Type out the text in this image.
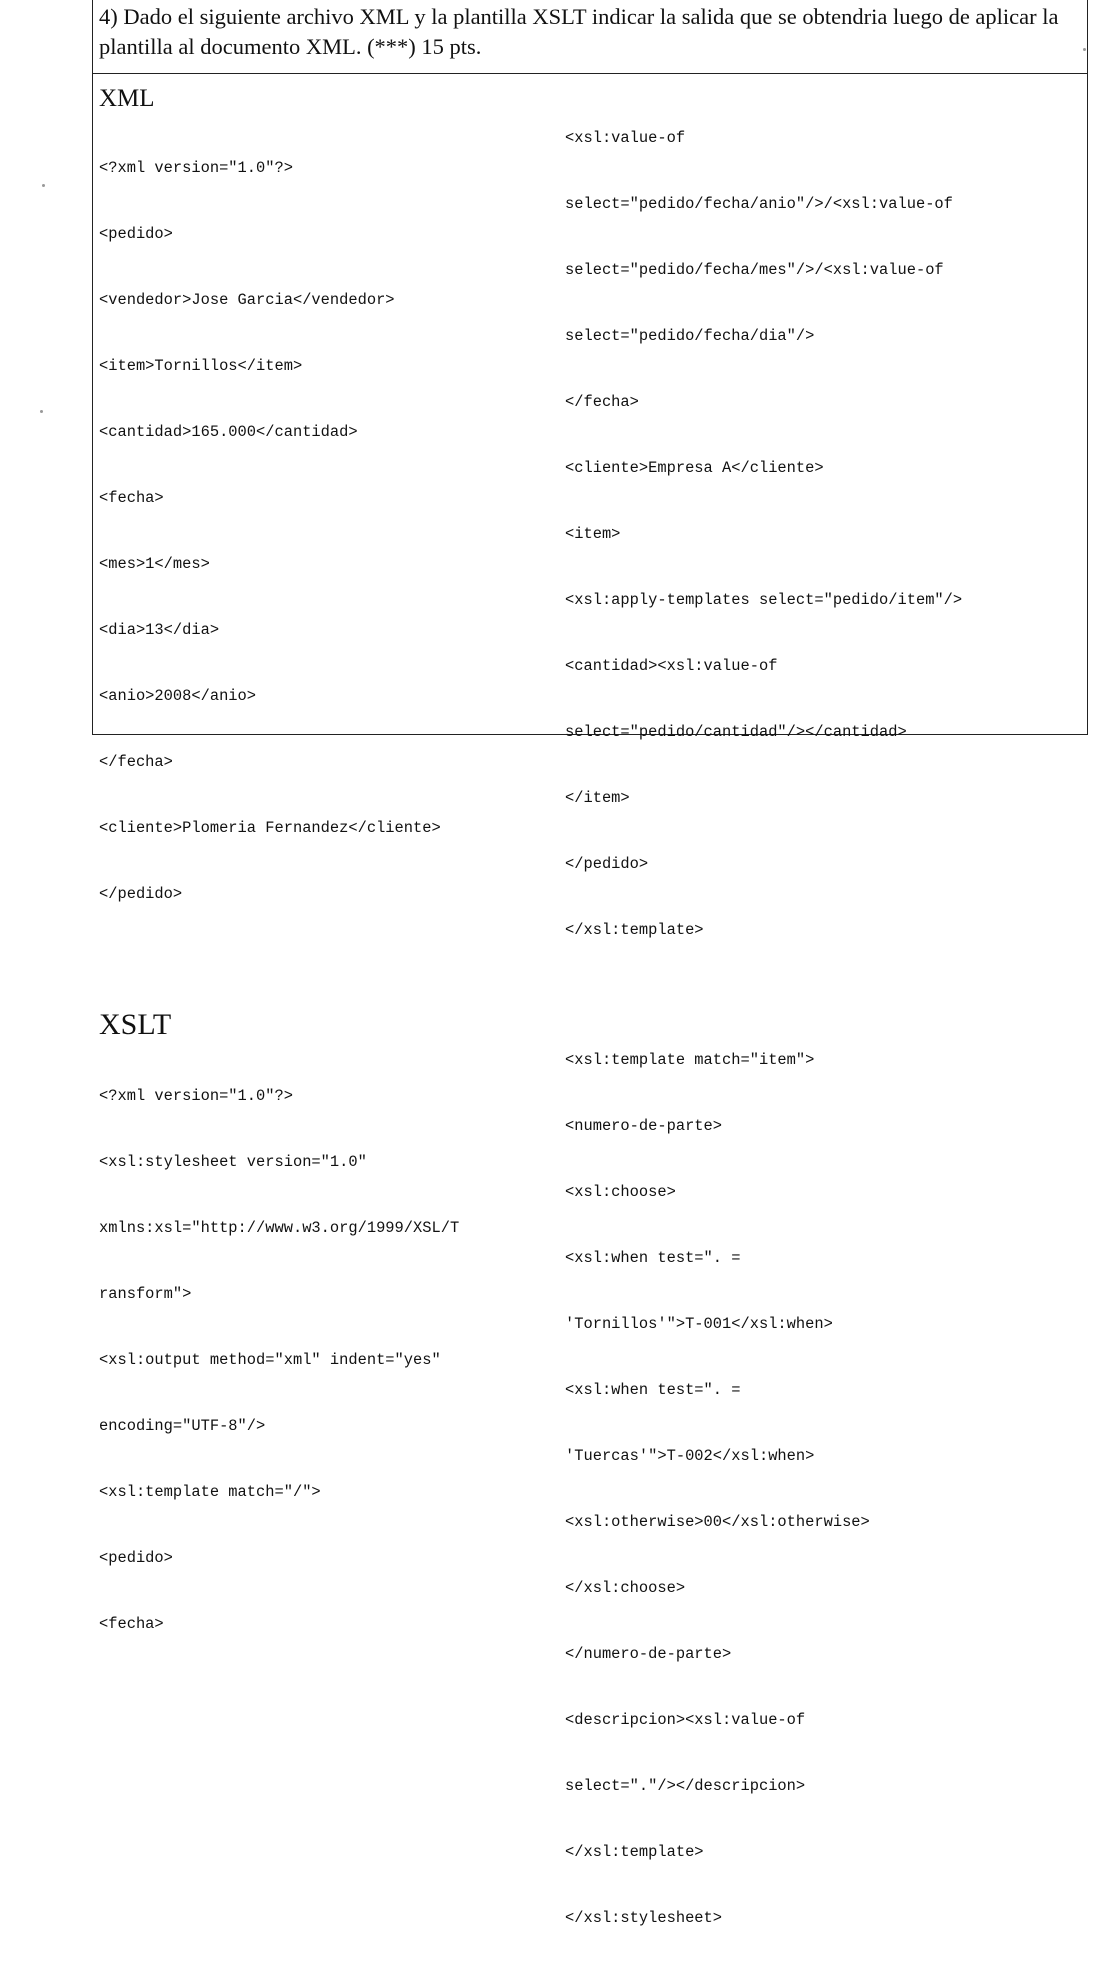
4) Dado el siguiente archivo XML y la plantilla XSLT indicar la salida que se obtendria luego de aplicar la plantilla al documento XML. (***) 15 pts.

XML

<?xml version="1.0"?>

<pedido>

<vendedor>Jose Garcia</vendedor>

<item>Tornillos</item>

<cantidad>165.000</cantidad>

<fecha>

<mes>1</mes>

<dia>13</dia>

<anio>2008</anio>

</fecha>

<cliente>Plomeria Fernandez</cliente>

</pedido>

XSLT

<?xml version="1.0"?>

<xsl:stylesheet version="1.0"

xmlns:xsl="http://www.w3.org/1999/XSL/T

ransform">

<xsl:output method="xml" indent="yes"

encoding="UTF-8"/>

<xsl:template match="/">

<pedido>

<fecha>

<xsl:value-of

select="pedido/fecha/anio"/>/<xsl:value-of

select="pedido/fecha/mes"/>/<xsl:value-of

select="pedido/fecha/dia"/>

</fecha>

<cliente>Empresa A</cliente>

<item>

<xsl:apply-templates select="pedido/item"/>

<cantidad><xsl:value-of

select="pedido/cantidad"/></cantidad>

</item>

</pedido>

</xsl:template>

<xsl:template match="item">

<numero-de-parte>

<xsl:choose>

<xsl:when test=". =

'Tornillos'">T-001</xsl:when>

<xsl:when test=". =

'Tuercas'">T-002</xsl:when>

<xsl:otherwise>00</xsl:otherwise>

</xsl:choose>

</numero-de-parte>

<descripcion><xsl:value-of

select="."/></descripcion>

</xsl:template>

</xsl:stylesheet>
